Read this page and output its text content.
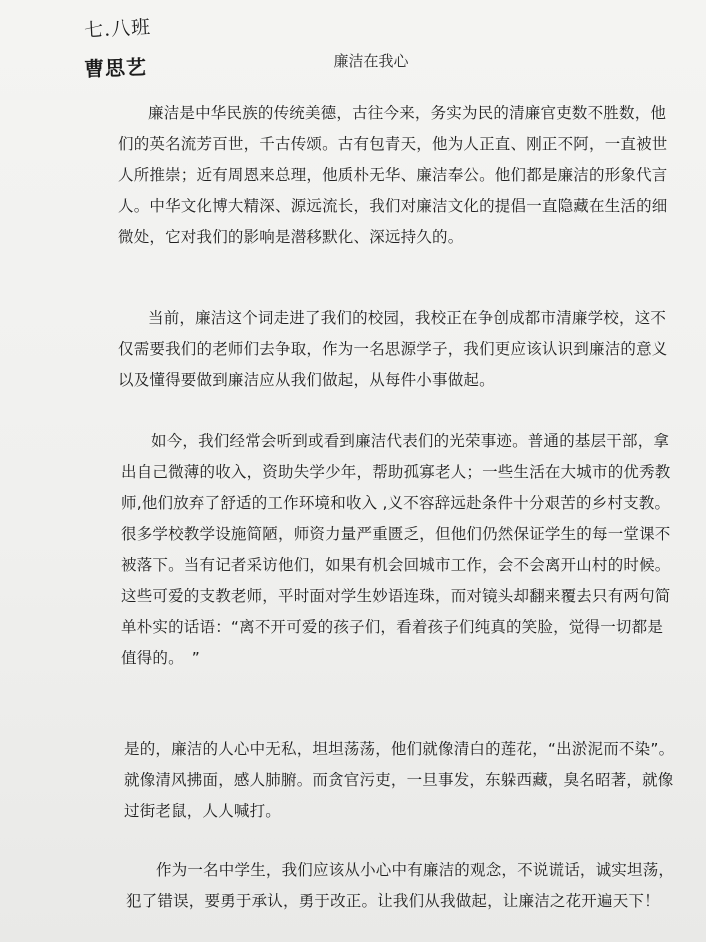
七.八班
曹思艺	廉洁在我心
廉洁是中华民族的传统美德，古往今来，务实为民的清廉官吏数不胜数，他
们的英名流芳百世，千古传颂。古有包青天，他为人正直、刚正不阿，一直被世
人所推崇；近有周恩来总理，他质朴无华、廉洁奉公。他们都是廉洁的形象代言
人。中华文化博大精深、源远流长，我们对廉洁文化的提倡一直隐藏在生活的细
微处，它对我们的影响是潜移默化、深远持久的。
当前，廉洁这个词走进了我们的校园，我校正在争创成都市清廉学校，这不
仅需要我们的老师们去争取，作为一名思源学子，我们更应该认识到廉洁的意义
以及懂得要做到廉洁应从我们做起，从每件小事做起。
如今，我们经常会听到或看到廉洁代表们的光荣事迹。普通的基层干部，拿
出自己微薄的收入，资助失学少年，帮助孤寡老人；一些生活在大城市的优秀教
师,他们放弃了舒适的工作环境和收入 ,义不容辞远赴条件十分艰苦的乡村支教。
很多学校教学设施简陋，师资力量严重匮乏，但他们仍然保证学生的每一堂课不
被落下。当有记者采访他们，如果有机会回城市工作，会不会离开山村的时候。
这些可爱的支教老师，平时面对学生妙语连珠，而对镜头却翻来覆去只有两句简
单朴实的话语：“离不开可爱的孩子们，看着孩子们纯真的笑脸，觉得一切都是
值得的。　”
是的，廉洁的人心中无私，坦坦荡荡，他们就像清白的莲花，“出淤泥而不染”。
就像清风拂面，感人肺腑。而贪官污吏，一旦事发，东躲西藏，臭名昭著，就像
过街老鼠，人人喊打。
作为一名中学生，我们应该从小心中有廉洁的观念，不说谎话，诚实坦荡，
犯了错误，要勇于承认，勇于改正。让我们从我做起，让廉洁之花开遍天下！
